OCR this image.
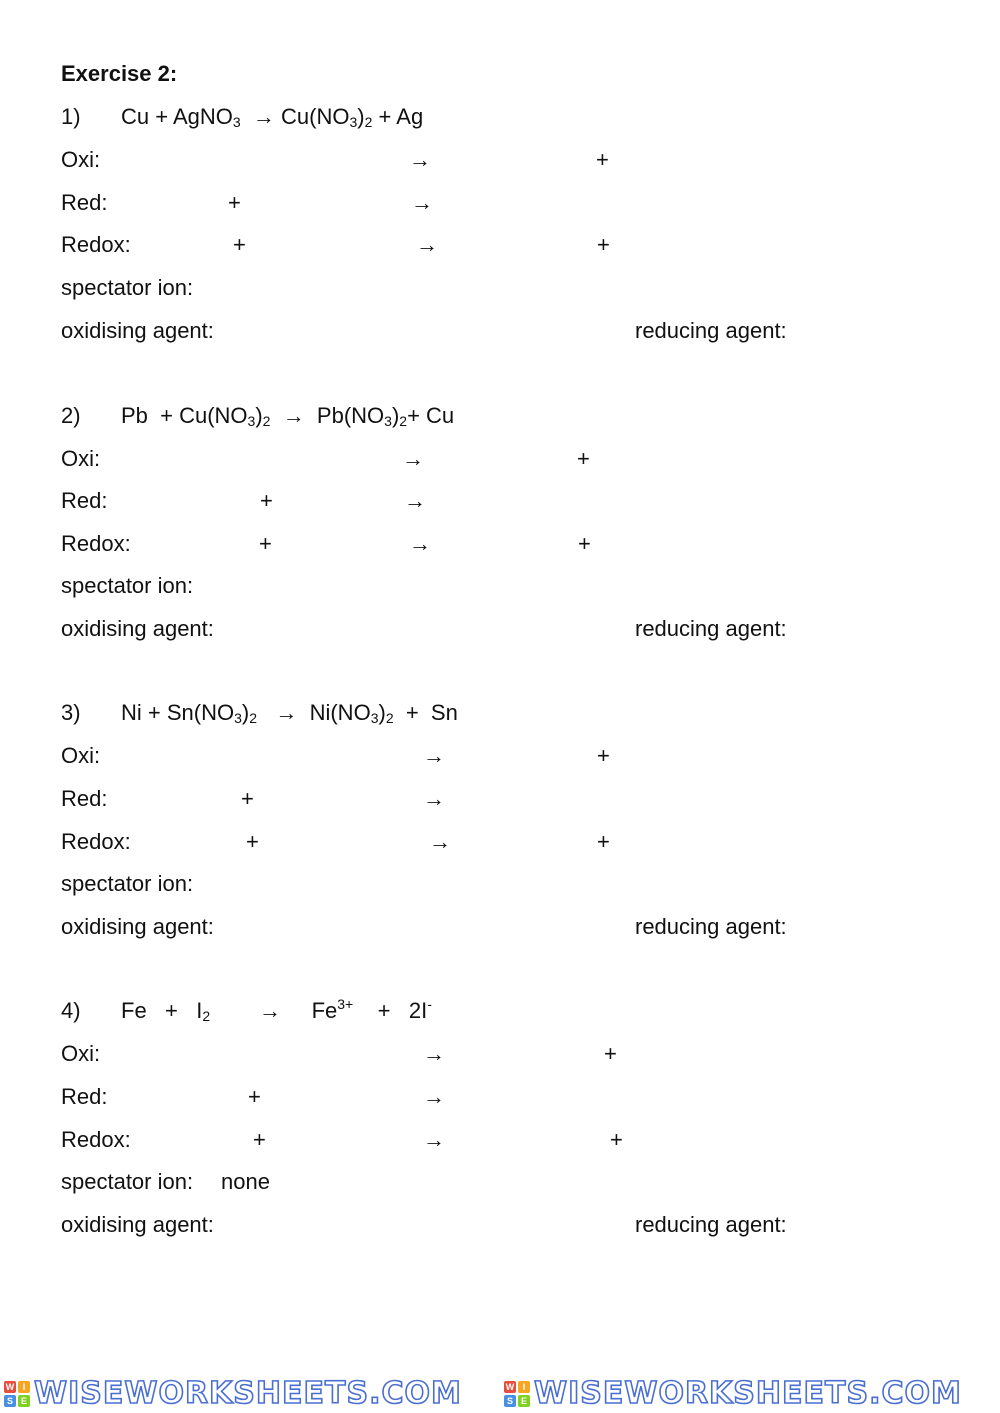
Exercise 2:
1) Cu + AgNO$_3$  → $Cu(NO_3)_2 + Ag$
Oxi:	→	+
Red:	+	→
Redox:	+	→	+
spectator ion:
oxidising agent:	reducing agent:
2) $Pb + Cu(NO_3)_2 \to Pb(NO_3)_2+ Cu$
Oxi:	→	+
Red:	+	→
Redox:	+	→	+
spectator ion:
oxidising agent:	reducing agent:
3) $Ni + Sn(NO_3)_2 \to Ni(NO_3)_2 + Sn$
Oxi:	→	+
Red:	+	→
Redox:	+	→	+
spectator ion:
oxidising agent:	reducing agent:
4) $Fe + I_2$        →     $Fe^{3+}$    +   2I-
Oxi:	→	+
Red:	+	→
Redox:	+	→	+
spectator ion: none
oxidising agent:	reducing agent:
W I
S E WISEWORKSHEETS.COM	W I
S E WISEWORKSHEETS.COM
